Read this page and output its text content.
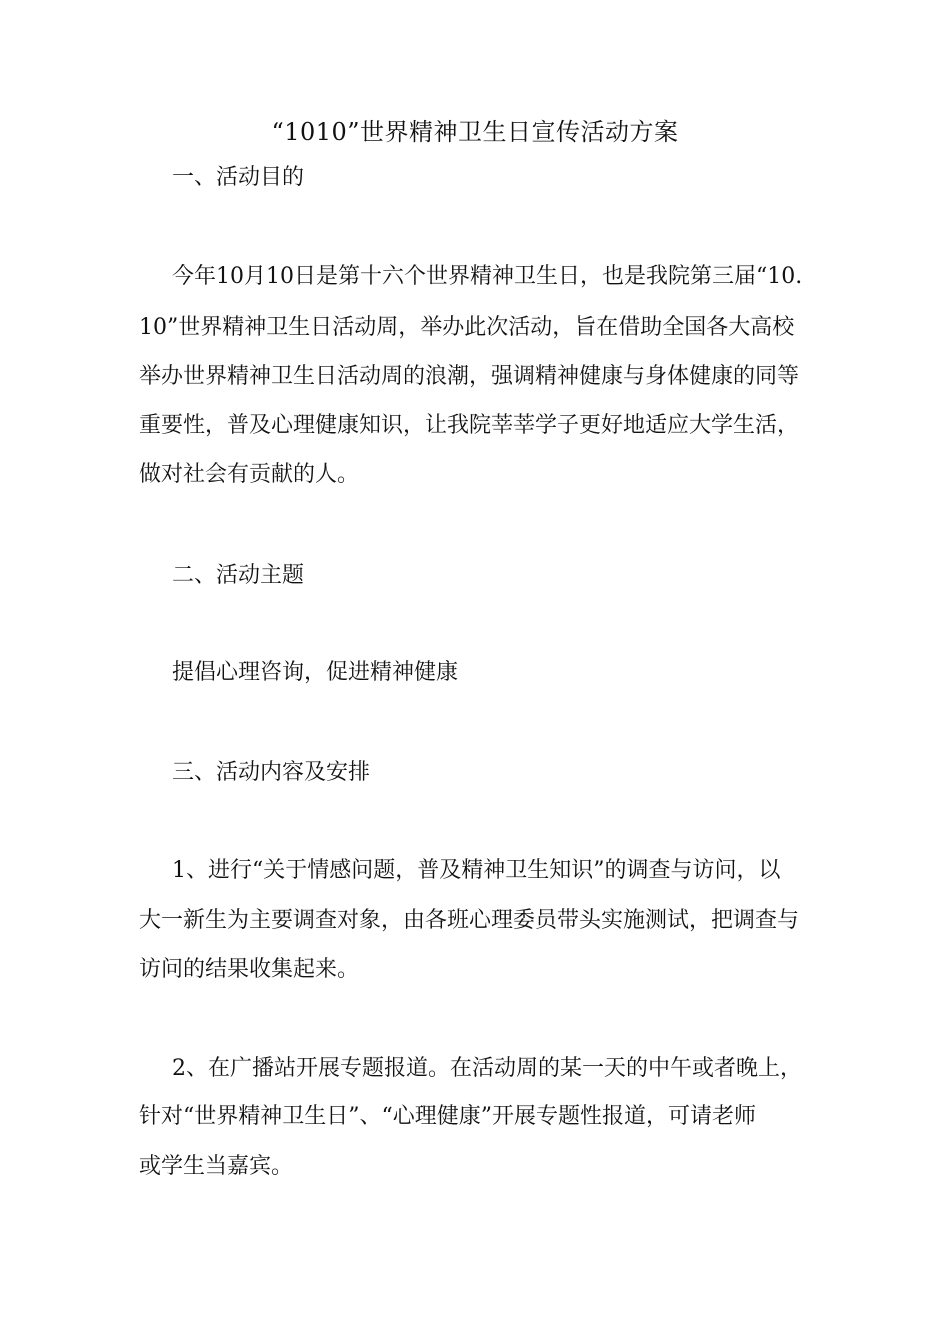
“1010”世界精神卫生日宣传活动方案
一、活动目的
今年10月10日是第十六个世界精神卫生日，也是我院第三届“10.
10”世界精神卫生日活动周，举办此次活动，旨在借助全国各大高校
举办世界精神卫生日活动周的浪潮，强调精神健康与身体健康的同等
重要性，普及心理健康知识，让我院莘莘学子更好地适应大学生活，
做对社会有贡献的人。
二、活动主题
提倡心理咨询，促进精神健康
三、活动内容及安排
1、进行“关于情感问题，普及精神卫生知识”的调查与访问，以
大一新生为主要调查对象，由各班心理委员带头实施测试，把调查与
访问的结果收集起来。
2、在广播站开展专题报道。在活动周的某一天的中午或者晚上，
针对“世界精神卫生日”、“心理健康”开展专题性报道，可请老师
或学生当嘉宾。
